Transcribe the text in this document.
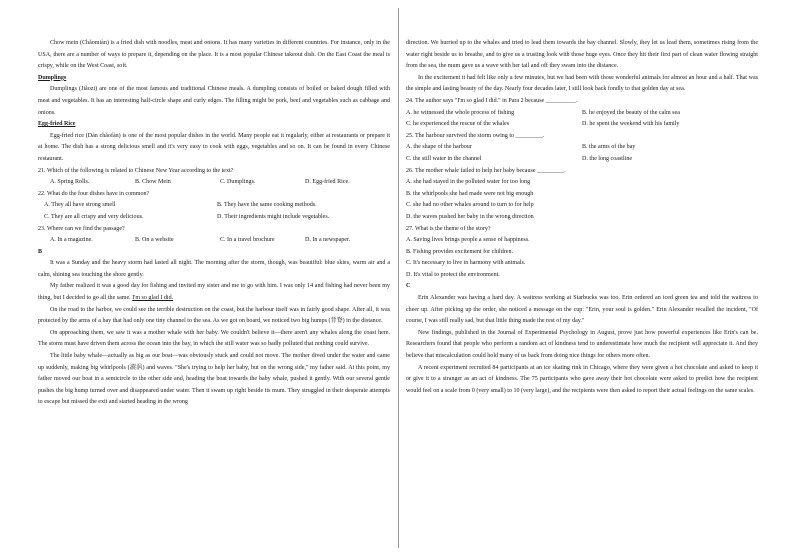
Chow mein (Chǎomiàn) is a fried dish with noodles, meat and onions. It has many varieties in different countries. For instance, only in the USA, there are a number of ways to prepare it, depending on the place. It is a most popular Chinese takeout dish. On the East Coast the meal is crispy, while on the West Coast, soft.

Dumplings

Dumplings (Jiǎozi) are one of the most famous and traditional Chinese meals. A dumpling consists of boiled or baked dough filled with meat and vegetables. It has an interesting half-circle shape and curly edges. The filling might be pork, beef and vegetables such as cabbage and onions.

Egg-fried Rice

Egg-fried rice (Dàn chǎofàn) is one of the most popular dishes in the world. Many people eat it regularly, either at restaurants or prepare it at home. The dish has a strong delicious smell and it's very easy to cook with eggs, vegetables and so on. It can be found in every Chinese restaurant.

21. Which of the following is related to Chinese New Year according to the text?

A. Spring Rolls.	B. Chow Mein	C. Dumplings.	D. Egg-fried Rice.

22. What do the four dishes have in common?

A. They all have strong smell	B. They have the same cooking methods.
C. They are all crispy and very delicious.	D. Their ingredients might include vegetables.

23. Where can we find the passage?

A. In a magazine.	B. On a website	C. In a travel brochure	D. In a newspaper.

B

It was a Sunday and the heavy storm had lasted all night. The morning after the storm, though, was beautiful: blue skies, warm air and a calm, shining sea touching the shore gently.

My father realized it was a good day for fishing and invited my sister and me to go with him. I was only 14 and fishing had never been my thing, but I decided to go all the same. I'm so glad I did.

On the road to the harbor, we could see the terrible destruction on the coast, but the harbour itself was in fairly good shape. After all, it was protected by the arms of a bay that had only one tiny channel to the sea. As we got on board, we noticed two big humps (背脊) in the distance.

On approaching them, we saw it was a mother whale with her baby. We couldn't believe it—there aren't any whales along the coast here. The storm must have driven them across the ocean into the bay, in which the still water was so badly polluted that nothing could survive.

The little baby whale—actually as big as our boat—was obviously stuck and could not move. The mother dived under the water and came up suddenly, making big whirlpools (漩涡) and waves. "She's trying to help her baby, but on the wrong side," my father said. At this point, my father moved our boat in a semicircle to the other side and, heading the boat towards the baby whale, pushed it gently. With our several gentle pushes the big hump turned over and disappeared under water. Then it swam up right beside its mum. They struggled in their desperate attempts to escape but missed the exit and started heading in the wrong

direction. We hurried up to the whales and tried to lead them towards the bay channel. Slowly, they let us lead them, sometimes rising from the water right beside us to breathe, and to give us a trusting look with those huge eyes. Once they hit their first part of clean water flowing straight from the sea, the mum gave us a wave with her tail and off they swam into the distance.

In the excitement it had felt like only a few minutes, but we had been with those wonderful animals for almost an hour and a half. That was the simple and lasting beauty of the day. Nearly four decades later, I still look back fondly to that golden day at sea.

24. The author says "I'm so glad I did." in Para 2 because __________.

A. he witnessed the whole process of fishing	B. he enjoyed the beauty of the calm sea
C. he experienced the rescue of the whales	D. he spent the weekend with his family

25. The harbour survived the storm owing to _________.

A. the shape of the harbour	B. the arms of the bay
C. the still water in the channel	D. the long coastline

26. The mother whale failed to help her baby because _________.

A. she had stayed in the polluted water for too long

B. the whirlpools she had made were not big enough

C. she had no other whales around to turn to for help

D. the waves pushed her baby in the wrong direction

27. What is the theme of the story?

A. Saving lives brings people a sense of happiness.

B. Fishing provides excitement for children.

C. It's necessary to live in harmony with animals.

D. It's vital to protect the environment.

C

Erin Alexander was having a hard day. A waitress working at Starbucks was too. Erin ordered an iced green tea and told the waitress to cheer up. After picking up the order, she noticed a message on the cup: "Erin, your soul is golden." Erin Alexander recalled the incident, "Of course, I was still really sad, but that little thing made the rest of my day."

New findings, published in the Journal of Experimental Psychology in August, prove just how powerful experiences like Erin's can be. Researchers found that people who perform a random act of kindness tend to underestimate how much the recipient will appreciate it. And they believe that miscalculation could hold many of us back from doing nice things for others more often.

A recent experiment recruited 84 participants at an ice skating rink in Chicago, where they were given a hot chocolate and asked to keep it or give it to a stranger as an act of kindness. The 75 participants who gave away their hot chocolate were asked to predict how the recipient would feel on a scale from 0 (very small) to 10 (very large), and the recipients were then asked to report their actual feelings on the same scales.
